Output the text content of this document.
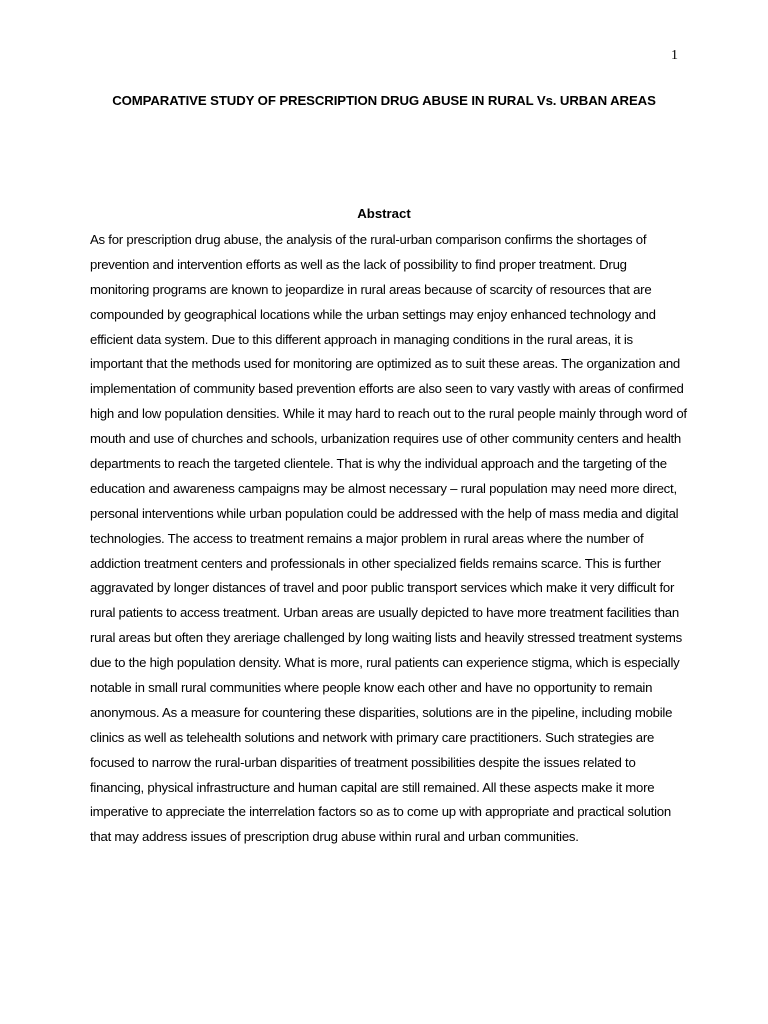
1
COMPARATIVE STUDY OF PRESCRIPTION DRUG ABUSE IN RURAL Vs. URBAN AREAS
Abstract
As for prescription drug abuse, the analysis of the rural-urban comparison confirms the shortages of
prevention and intervention efforts as well as the lack of possibility to find proper treatment. Drug
monitoring programs are known to jeopardize in rural areas because of scarcity of resources that are
compounded by geographical locations while the urban settings may enjoy enhanced technology and
efficient data system. Due to this different approach in managing conditions in the rural areas, it is
important that the methods used for monitoring are optimized as to suit these areas. The organization and
implementation of community based prevention efforts are also seen to vary vastly with areas of confirmed
high and low population densities. While it may hard to reach out to the rural people mainly through word of
mouth and use of churches and schools, urbanization requires use of other community centers and health
departments to reach the targeted clientele. That is why the individual approach and the targeting of the
education and awareness campaigns may be almost necessary – rural population may need more direct,
personal interventions while urban population could be addressed with the help of mass media and digital
technologies. The access to treatment remains a major problem in rural areas where the number of
addiction treatment centers and professionals in other specialized fields remains scarce. This is further
aggravated by longer distances of travel and poor public transport services which make it very difficult for
rural patients to access treatment. Urban areas are usually depicted to have more treatment facilities than
rural areas but often they areriage challenged by long waiting lists and heavily stressed treatment systems
due to the high population density. What is more, rural patients can experience stigma, which is especially
notable in small rural communities where people know each other and have no opportunity to remain
anonymous. As a measure for countering these disparities, solutions are in the pipeline, including mobile
clinics as well as telehealth solutions and network with primary care practitioners. Such strategies are
focused to narrow the rural-urban disparities of treatment possibilities despite the issues related to
financing, physical infrastructure and human capital are still remained. All these aspects make it more
imperative to appreciate the interrelation factors so as to come up with appropriate and practical solution
that may address issues of prescription drug abuse within rural and urban communities.
